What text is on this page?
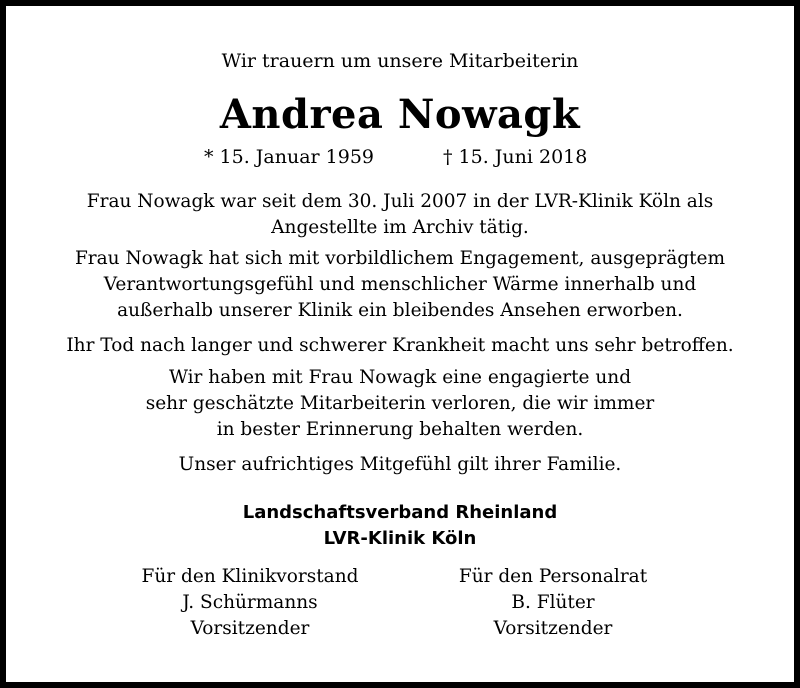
Wir trauern um unsere Mitarbeiterin
Andrea Nowagk
* 15. Januar 1959	† 15. Juni 2018
Frau Nowagk war seit dem 30. Juli 2007 in der LVR-Klinik Köln als
Angestellte im Archiv tätig.
Frau Nowagk hat sich mit vorbildlichem Engagement, ausgeprägtem
Verantwortungsgefühl und menschlicher Wärme innerhalb und
außerhalb unserer Klinik ein bleibendes Ansehen erworben.
Ihr Tod nach langer und schwerer Krankheit macht uns sehr betroffen.
Wir haben mit Frau Nowagk eine engagierte und
sehr geschätzte Mitarbeiterin verloren, die wir immer
in bester Erinnerung behalten werden.
Unser aufrichtiges Mitgefühl gilt ihrer Familie.
Landschaftsverband Rheinland
LVR-Klinik Köln
Für den Klinikvorstand
J. Schürmanns
Vorsitzender
Für den Personalrat
B. Flüter
Vorsitzender
